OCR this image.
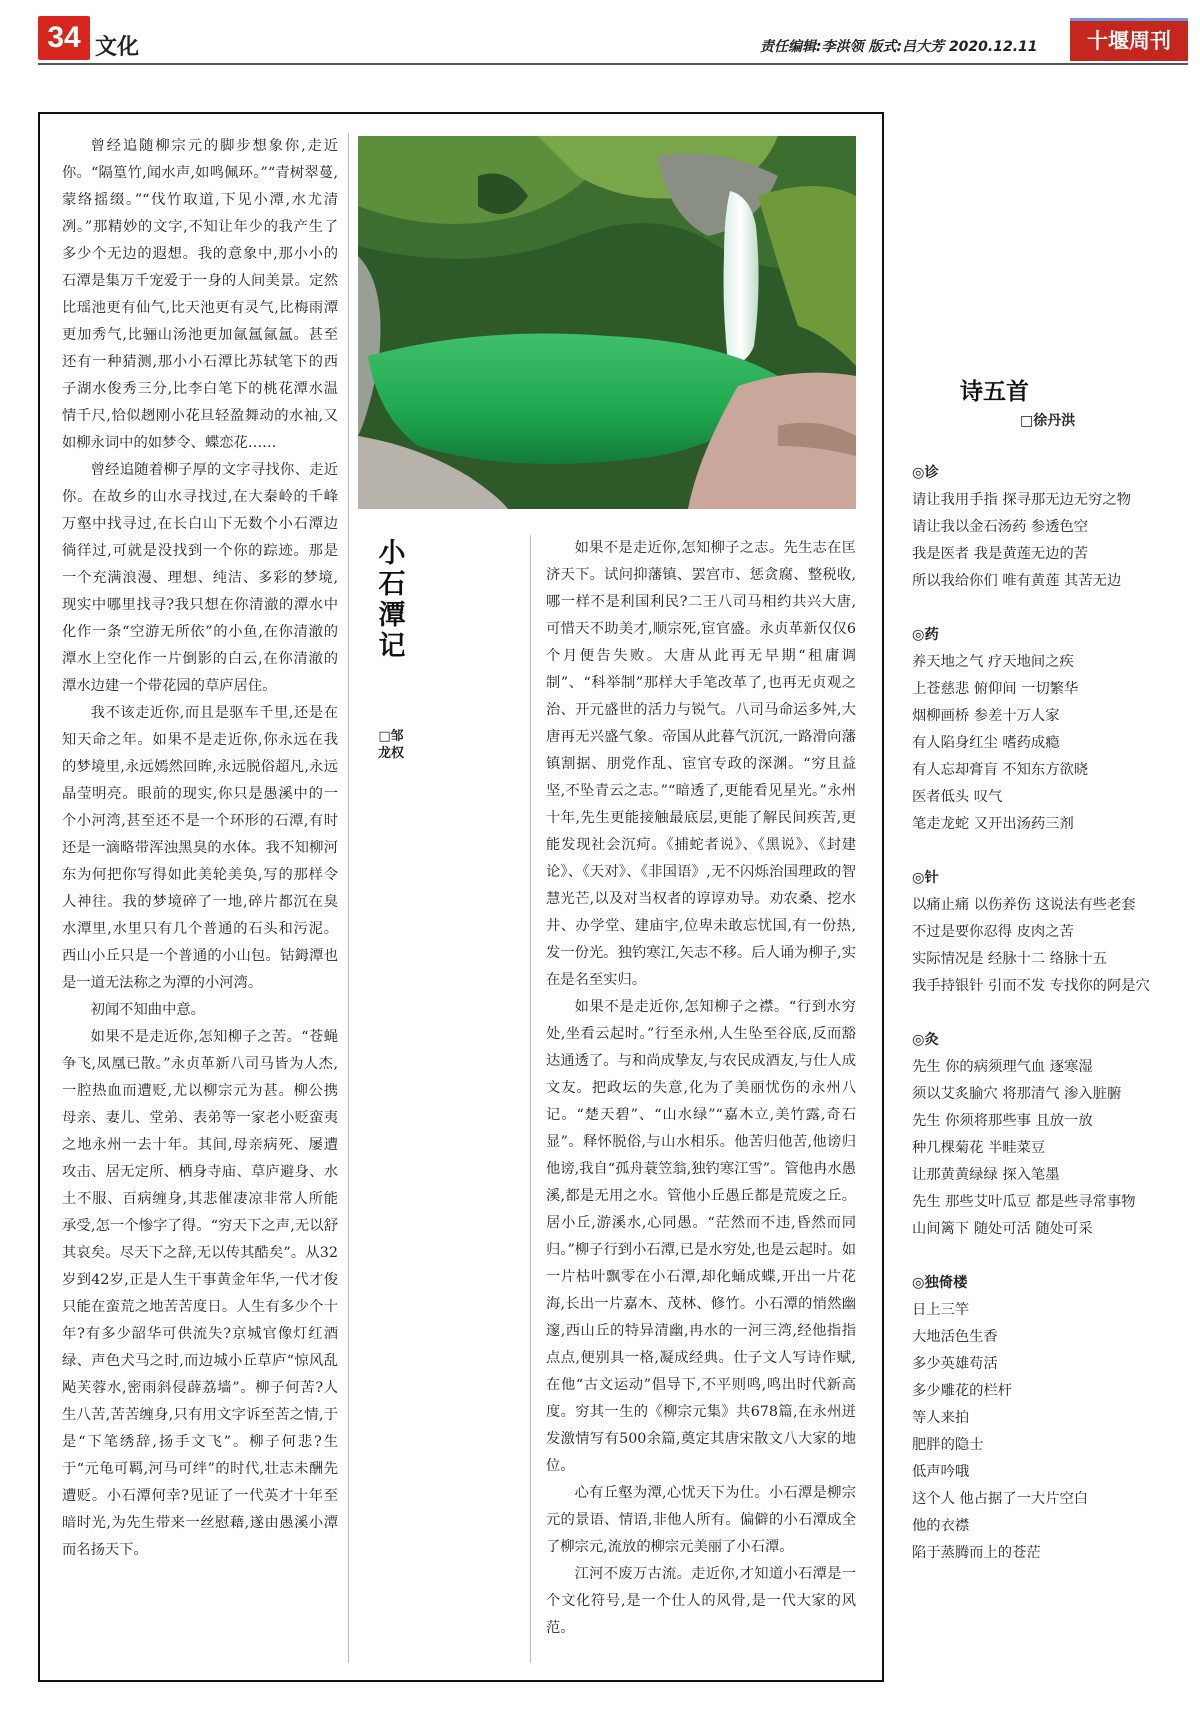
34 文化	责任编辑:李洪领 版式:吕大芳 2020.12.11	十堰周刊

曾经追随柳宗元的脚步想象你,走近你。“隔篁竹,闻水声,如鸣佩环。”“青树翠蔓,蒙络摇缀。”“伐竹取道,下见小潭,水尤清冽。”那精妙的文字,不知让年少的我产生了多少个无边的遐想。我的意象中,那小小的石潭是集万千宠爱于一身的人间美景。定然比瑶池更有仙气,比天池更有灵气,比梅雨潭更加秀气,比骊山汤池更加氤氲氤氲。甚至还有一种猜测,那小小石潭比苏轼笔下的西子湖水俊秀三分,比李白笔下的桃花潭水温情千尺,恰似趔刚小花旦轻盈舞动的水袖,又如柳永词中的如梦令、蝶恋花……

曾经追随着柳子厚的文字寻找你、走近你。在故乡的山水寻找过,在大秦岭的千峰万壑中找寻过,在长白山下无数个小石潭边徜徉过,可就是没找到一个你的踪迹。那是一个充满浪漫、理想、纯洁、多彩的梦境,现实中哪里找寻?我只想在你清澈的潭水中化作一条“空游无所依”的小鱼,在你清澈的潭水上空化作一片倒影的白云,在你清澈的潭水边建一个带花园的草庐居住。

我不该走近你,而且是驱车千里,还是在知天命之年。如果不是走近你,你永远在我的梦境里,永远嫣然回眸,永远脱俗超凡,永远晶莹明亮。眼前的现实,你只是愚溪中的一个小河湾,甚至还不是一个环形的石潭,有时还是一滴略带浑浊黑臭的水体。我不知柳河东为何把你写得如此美轮美奂,写的那样令人神往。我的梦境碎了一地,碎片都沉在臭水潭里,水里只有几个普通的石头和污泥。西山小丘只是一个普通的小山包。钴鉧潭也是一道无法称之为潭的小河湾。

初闻不知曲中意。

如果不是走近你,怎知柳子之苦。“苍蝇争飞,凤凰已散。”永贞革新八司马皆为人杰,一腔热血而遭贬,尤以柳宗元为甚。柳公携母亲、妻儿、堂弟、表弟等一家老小贬蛮夷之地永州一去十年。其间,母亲病死、屡遭攻击、居无定所、栖身寺庙、草庐避身、水土不服、百病缠身,其悲催凄凉非常人所能承受,怎一个惨字了得。“穷天下之声,无以舒其哀矣。尽天下之辞,无以传其酷矣”。从32岁到42岁,正是人生干事黄金年华,一代才俊只能在蛮荒之地苦苦度日。人生有多少个十年?有多少韶华可供流失?京城官像灯红酒绿、声色犬马之时,而边城小丘草庐“惊风乱飐芙蓉水,密雨斜侵薜荔墙”。柳子何苦?人生八苦,苦苦缠身,只有用文字诉至苦之情,于是“下笔绣辞,扬手文飞”。柳子何悲?生于“元龟可羁,河马可绊”的时代,壮志未酬先遭贬。小石潭何幸?见证了一代英才十年至暗时光,为先生带来一丝慰藉,遂由愚溪小潭而名扬天下。

小石潭记
□邹龙权

如果不是走近你,怎知柳子之志。先生志在匡济天下。试问抑藩镇、罢宫市、惩贪腐、整税收,哪一样不是利国利民?二王八司马相约共兴大唐,可惜天不助美才,顺宗死,宦官盛。永贞革新仅仅6个月便告失败。大唐从此再无早期“租庸调制”、“科举制”那样大手笔改革了,也再无贞观之治、开元盛世的活力与锐气。八司马命运多舛,大唐再无兴盛气象。帝国从此暮气沉沉,一路滑向藩镇割据、朋党作乱、宦官专政的深渊。“穷且益坚,不坠青云之志。”“暗透了,更能看见星光。”永州十年,先生更能接触最底层,更能了解民间疾苦,更能发现社会沉疴。《捕蛇者说》、《黑说》、《封建论》、《天对》、《非国语》,无不闪烁治国理政的智慧光芒,以及对当权者的谆谆劝导。劝农桑、挖水井、办学堂、建庙宇,位卑未敢忘忧国,有一份热,发一份光。独钓寒江,矢志不移。后人诵为柳子,实在是名至实归。

如果不是走近你,怎知柳子之襟。“行到水穷处,坐看云起时。”行至永州,人生坠至谷底,反而豁达通透了。与和尚成挚友,与农民成酒友,与仕人成文友。把政坛的失意,化为了美丽忧伤的永州八记。“楚天碧”、“山水绿”“嘉木立,美竹露,奇石显”。释怀脱俗,与山水相乐。他苦归他苦,他谤归他谤,我自“孤舟蓑笠翁,独钓寒江雪”。管他冉水愚溪,都是无用之水。管他小丘愚丘都是荒废之丘。居小丘,游溪水,心同愚。“茫然而不违,昏然而同归。”柳子行到小石潭,已是水穷处,也是云起时。如一片枯叶飘零在小石潭,却化蛹成蝶,开出一片花海,长出一片嘉木、茂林、修竹。小石潭的悄然幽邃,西山丘的特异清幽,冉水的一河三湾,经他指指点点,便别具一格,凝成经典。仕子文人写诗作赋,在他“古文运动”倡导下,不平则鸣,鸣出时代新高度。穷其一生的《柳宗元集》共678篇,在永州迸发激情写有500余篇,奠定其唐宋散文八大家的地位。

心有丘壑为潭,心忧天下为仕。小石潭是柳宗元的景语、情语,非他人所有。偏僻的小石潭成全了柳宗元,流放的柳宗元美丽了小石潭。

江河不废万古流。走近你,才知道小石潭是一个文化符号,是一个仕人的风骨,是一代大家的风范。

诗五首
□徐丹洪
◎诊
请让我用手指 探寻那无边无穷之物
请让我以金石汤药 参透色空
我是医者 我是黄莲无边的苦
所以我给你们 唯有黄莲 其苦无边
◎药
养天地之气 疗天地间之疾
上苍慈悲 俯仰间 一切繁华
烟柳画桥 参差十万人家
有人陷身红尘 嗜药成瘾
有人忘却膏肓 不知东方欲晓
医者低头 叹气
笔走龙蛇 又开出汤药三剂
◎针
以痛止痛 以伤养伤 这说法有些老套
不过是要你忍得 皮肉之苦
实际情况是 经脉十二 络脉十五
我手持银针 引而不发 专找你的阿是穴
◎灸
先生 你的病须理气血 逐寒湿
须以艾炙腧穴 将那清气 渗入脏腑
先生 你须将那些事 且放一放
种几棵菊花 半畦菜豆
让那黄黄绿绿 探入笔墨
先生 那些艾叶瓜豆 都是些寻常事物
山间篱下 随处可活 随处可采
◎独倚楼
日上三竿
大地活色生香
多少英雄苟活
多少雕花的栏杆
等人来拍
肥胖的隐士
低声吟哦
这个人 他占据了一大片空白
他的衣襟
陷于蒸腾而上的苍茫
